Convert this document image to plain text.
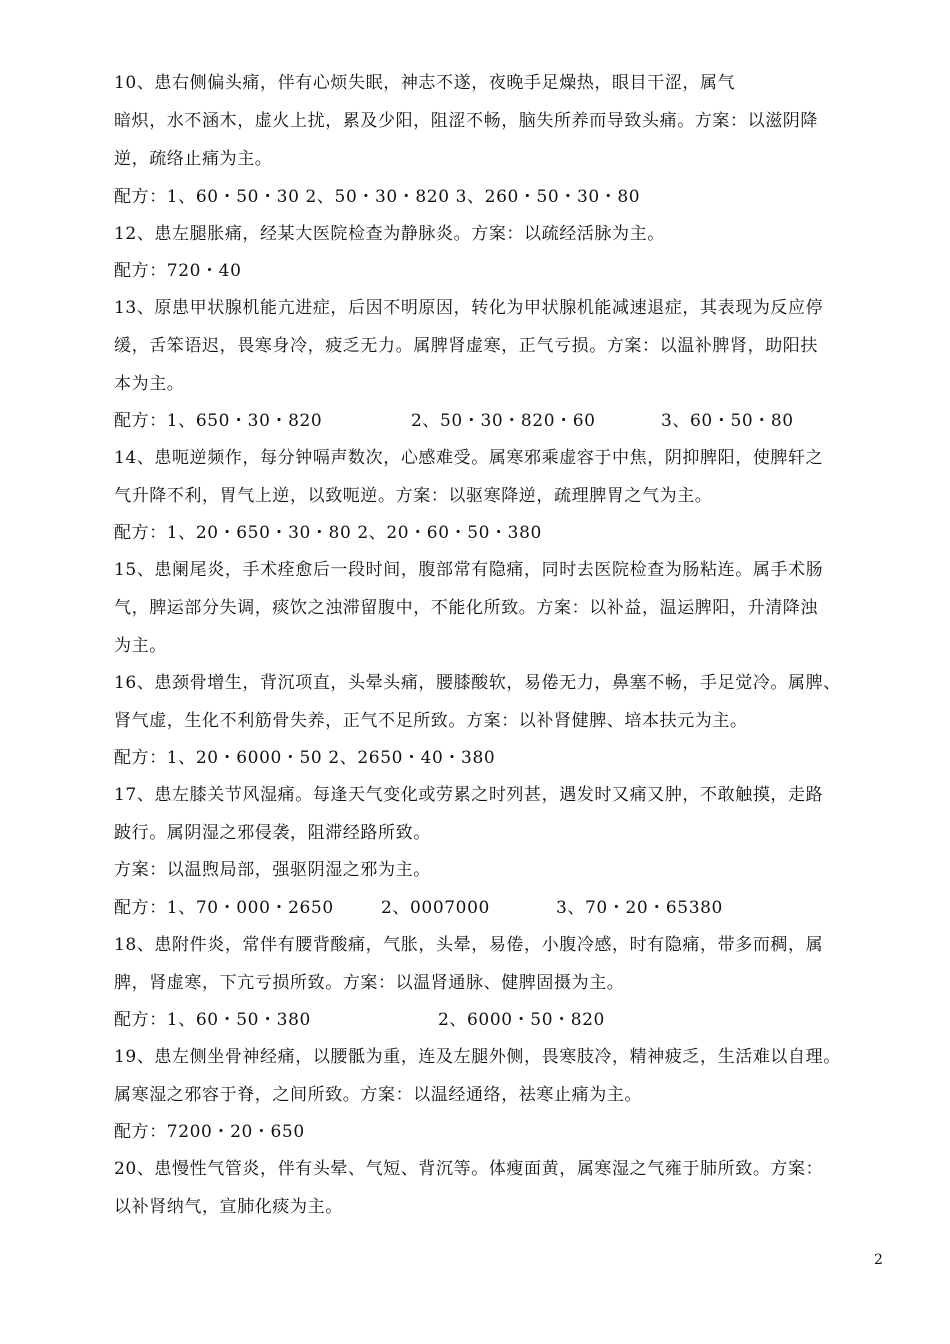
10、患右侧偏头痛，伴有心烦失眠，神志不遂，夜晚手足燥热，眼目干涩，属气
暗炽，水不涵木，虚火上扰，累及少阳，阻涩不畅，脑失所养而导致头痛。方案：以滋阴降
逆，疏络止痛为主。
配方：1、60・50・30 2、50・30・820 3、260・50・30・80
12、患左腿胀痛，经某大医院检查为静脉炎。方案：以疏经活脉为主。
配方：720・40
13、原患甲状腺机能亢进症，后因不明原因，转化为甲状腺机能减速退症，其表现为反应停
缓，舌笨语迟，畏寒身冷，疲乏无力。属脾肾虚寒，正气亏损。方案：以温补脾肾，助阳扶
本为主。
14、患呃逆频作，每分钟嗝声数次，心感难受。属寒邪乘虚容于中焦，阴抑脾阳，使脾轩之
气升降不利，胃气上逆，以致呃逆。方案：以驱寒降逆，疏理脾胃之气为主。
配方：1、20・650・30・80 2、20・60・50・380
15、患阑尾炎，手术痊愈后一段时间，腹部常有隐痛，同时去医院检查为肠粘连。属手术肠
气，脾运部分失调，痰饮之浊滞留腹中，不能化所致。方案：以补益，温运脾阳，升清降浊
为主。
16、患颈骨增生，背沉项直，头晕头痛，腰膝酸软，易倦无力，鼻塞不畅，手足觉冷。属脾、
肾气虚，生化不利筋骨失养，正气不足所致。方案：以补肾健脾、培本扶元为主。
配方：1、20・6000・50 2、2650・40・380
17、患左膝关节风湿痛。每逢天气变化或劳累之时列甚，遇发时又痛又肿，不敢触摸，走路
跛行。属阴湿之邪侵袭，阻滞经路所致。
方案：以温煦局部，强驱阴湿之邪为主。
18、患附件炎，常伴有腰背酸痛，气胀，头晕，易倦，小腹冷感，时有隐痛，带多而稠，属
脾，肾虚寒，下亢亏损所致。方案：以温肾通脉、健脾固摄为主。
19、患左侧坐骨神经痛，以腰骶为重，连及左腿外侧，畏寒肢冷，精神疲乏，生活难以自理。
属寒湿之邪容于脊，之间所致。方案：以温经通络，祛寒止痛为主。
配方：7200・20・650
20、患慢性气管炎，伴有头晕、气短、背沉等。体瘦面黄，属寒湿之气雍于肺所致。方案：
以补肾纳气，宣肺化痰为主。
配方：1、650・30・820	2、50・30・820・60	3、60・50・80
配方：1、70・000・2650	2、0007000	3、70・20・65380
配方：1、60・50・380	2、6000・50・820
2
